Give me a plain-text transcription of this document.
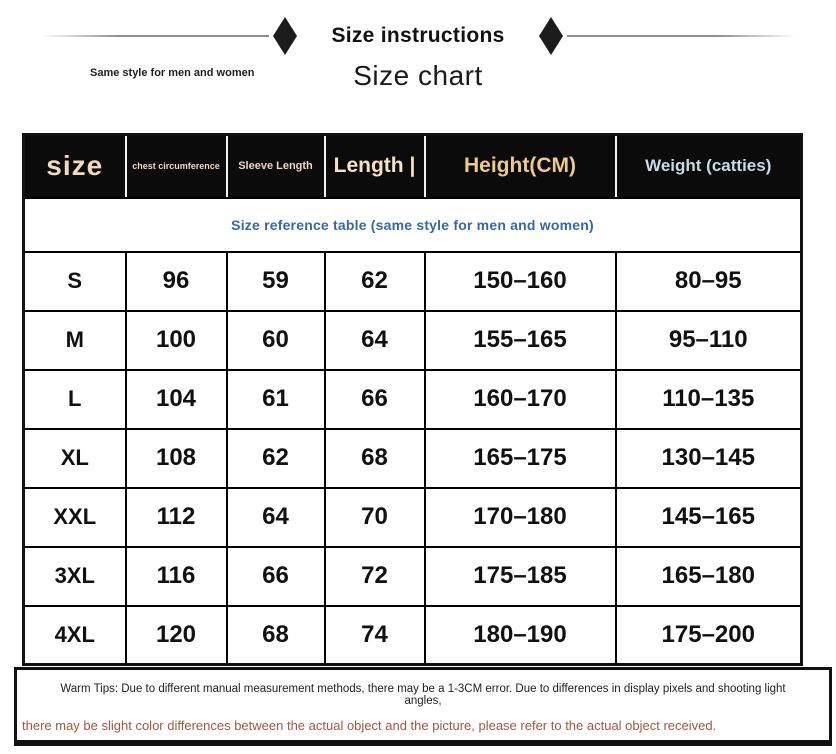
Size instructions
Same style for men and women	Size chart
Size reference table (same style for men and women)					
size	chest circumference	Sleeve Length	Length |	Height(CM)	Weight (catties)
S	96	59	62	150–160	80–95
M	100	60	64	155–165	95–110
L	104	61	66	160–170	110–135
XL	108	62	68	165–175	130–145
XXL	112	64	70	170–180	145–165
3XL	116	66	72	175–185	165–180
4XL	120	68	74	180–190	175–200

Warm Tips: Due to different manual measurement methods, there may be a 1-3CM error. Due to differences in display pixels and shooting light angles,

there may be slight color differences between the actual object and the picture, please refer to the actual object received.
